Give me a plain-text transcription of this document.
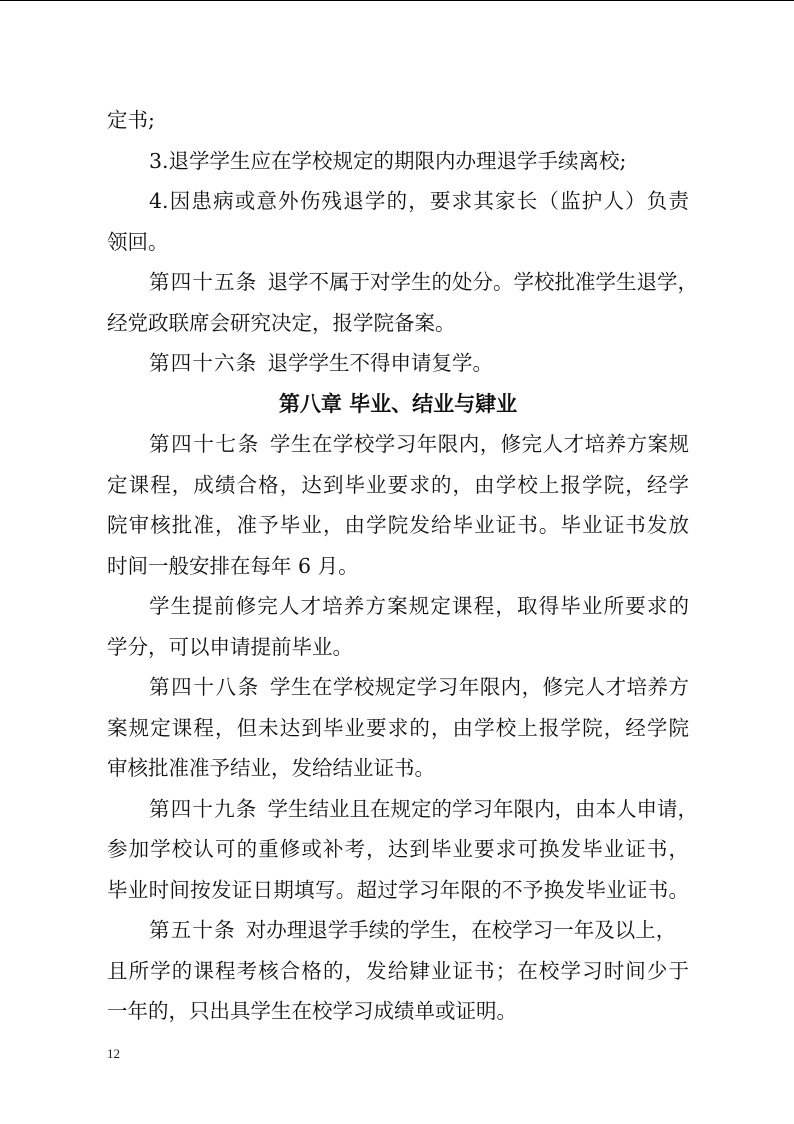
定书;
3.退学学生应在学校规定的期限内办理退学手续离校;
4.因患病或意外伤残退学的，要求其家长（监护人）负责
领回。
第四十五条 退学不属于对学生的处分。学校批准学生退学，
经党政联席会研究决定，报学院备案。
第四十六条 退学学生不得申请复学。
第八章 毕业、结业与肄业
第四十七条 学生在学校学习年限内，修完人才培养方案规
定课程，成绩合格，达到毕业要求的，由学校上报学院，经学
院审核批准，准予毕业，由学院发给毕业证书。毕业证书发放
时间一般安排在每年 6 月。
学生提前修完人才培养方案规定课程，取得毕业所要求的
学分，可以申请提前毕业。
第四十八条 学生在学校规定学习年限内，修完人才培养方
案规定课程，但未达到毕业要求的，由学校上报学院，经学院
审核批准准予结业，发给结业证书。
第四十九条 学生结业且在规定的学习年限内，由本人申请，
参加学校认可的重修或补考，达到毕业要求可换发毕业证书，
毕业时间按发证日期填写。超过学习年限的不予换发毕业证书。
第五十条 对办理退学手续的学生，在校学习一年及以上，
且所学的课程考核合格的，发给肄业证书；在校学习时间少于
一年的，只出具学生在校学习成绩单或证明。
12
